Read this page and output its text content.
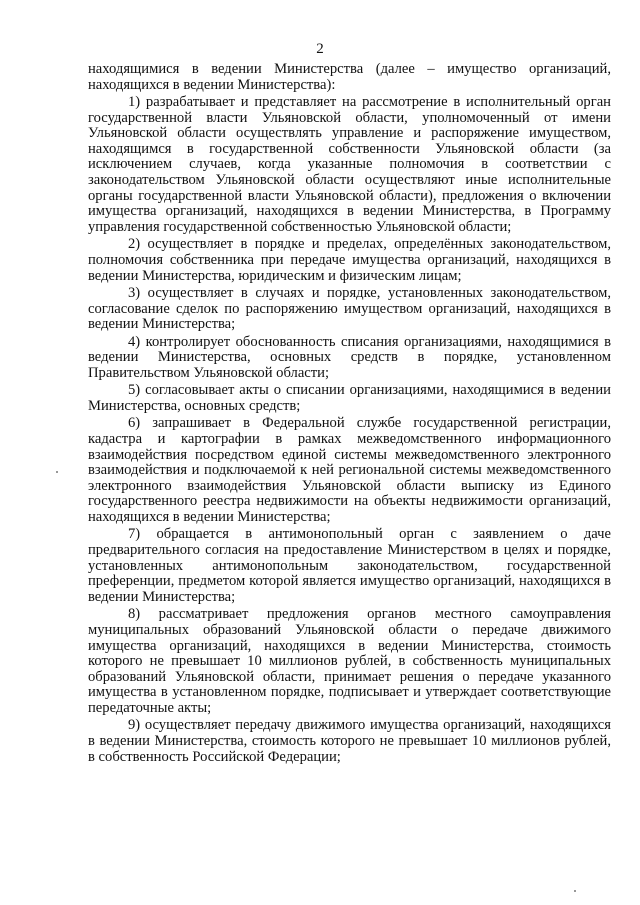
2

находящимися в ведении Министерства (далее – имущество организаций, находящихся в ведении Министерства):

1) разрабатывает и представляет на рассмотрение в исполнительный орган государственной власти Ульяновской области, уполномоченный от имени Ульяновской области осуществлять управление и распоряжение имуществом, находящимся в государственной собственности Ульяновской области (за исключением случаев, когда указанные полномочия в соответствии с законодательством Ульяновской области осуществляют иные исполнительные органы государственной власти Ульяновской области), предложения о включении имущества организаций, находящихся в ведении Министерства, в Программу управления государственной собственностью Ульяновской области;

2) осуществляет в порядке и пределах, определённых законодательством, полномочия собственника при передаче имущества организаций, находящихся в ведении Министерства, юридическим и физическим лицам;

3) осуществляет в случаях и порядке, установленных законодательством, согласование сделок по распоряжению имуществом организаций, находящихся в ведении Министерства;

4) контролирует обоснованность списания организациями, находящимися в ведении Министерства, основных средств в порядке, установленном Правительством Ульяновской области;

5) согласовывает акты о списании организациями, находящимися в ведении Министерства, основных средств;

6) запрашивает в Федеральной службе государственной регистрации, кадастра и картографии в рамках межведомственного информационного взаимодействия посредством единой системы межведомственного электронного взаимодействия и подключаемой к ней региональной системы межведомственного электронного взаимодействия Ульяновской области выписку из Единого государственного реестра недвижимости на объекты недвижимости организаций, находящихся в ведении Министерства;

7) обращается в антимонопольный орган с заявлением о даче предварительного согласия на предоставление Министерством в целях и порядке, установленных антимонопольным законодательством, государственной преференции, предметом которой является имущество организаций, находящихся в ведении Министерства;

8) рассматривает предложения органов местного самоуправления муниципальных образований Ульяновской области о передаче движимого имущества организаций, находящихся в ведении Министерства, стоимость которого не превышает 10 миллионов рублей, в собственность муниципальных образований Ульяновской области, принимает решения о передаче указанного имущества в установленном порядке, подписывает и утверждает соответствующие передаточные акты;

9) осуществляет передачу движимого имущества организаций, находящихся в ведении Министерства, стоимость которого не превышает 10 миллионов рублей, в собственность Российской Федерации;
